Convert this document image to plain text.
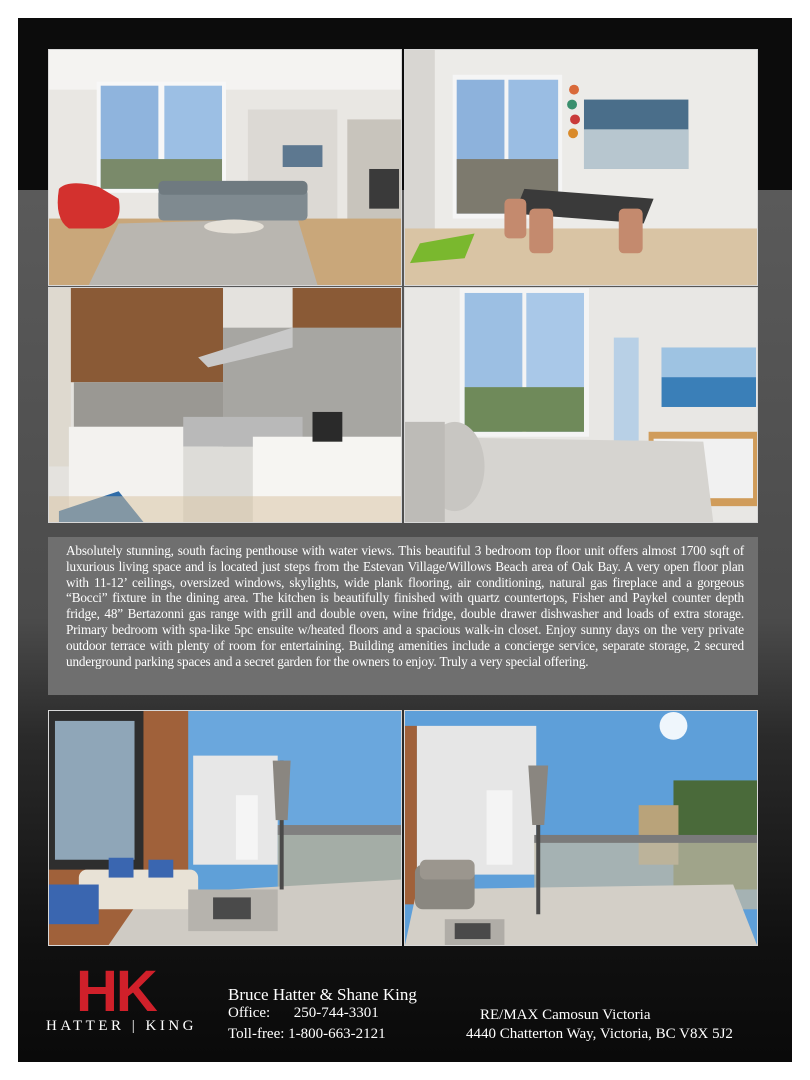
Absolutely stunning, south facing penthouse with water views. This beautiful 3 bedroom top floor unit offers almost 1700 sqft of luxurious living space and is located just steps from the Estevan Village/Willows Beach area of Oak Bay. A very open floor plan with 11-12’ ceilings, oversized windows, skylights, wide plank flooring, air conditioning, natural gas fireplace and a gorgeous “Bocci” fixture in the dining area. The kitchen is beautifully finished with quartz countertops, Fisher and Paykel counter depth fridge, 48” Bertazonni gas range with grill and double oven, wine fridge, double drawer dishwasher and loads of extra storage. Primary bedroom with spa-like 5pc ensuite w/heated floors and a spacious walk-in closet. Enjoy sunny days on the very private outdoor terrace with plenty of room for entertaining. Building amenities include a concierge service, separate storage, 2 secured underground parking spaces and a secret garden for the owners to enjoy. Truly a very special offering.

HK
HATTER | KING
Bruce Hatter & Shane King
Office: 250-744-3301
Toll-free: 1-800-663-2121
RE/MAX Camosun Victoria
4440 Chatterton Way, Victoria, BC V8X 5J2
